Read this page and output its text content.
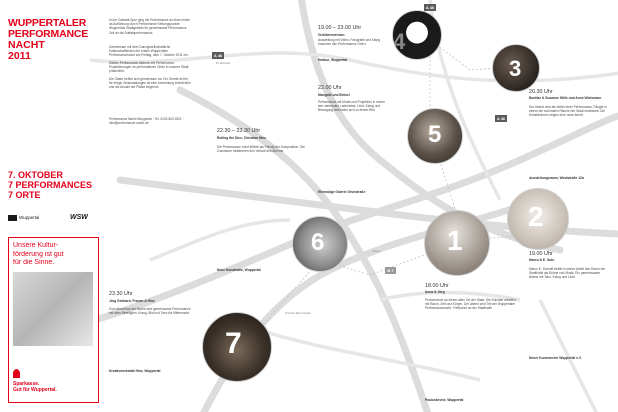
WUPPERTALER
PERFORMANCE
NACHT
2011
7. OKTOBER
7 PERFORMANCES
7 ORTE
Wuppertal	WSW
Unsere Kultur-
förderung ist gut
für die Sinne.
Sparkasse.
Gut für Wuppertal.
In der Catwalk-Spur ging die Performance an einen einen da Aufführung durch Performance Keltungspunkte Wuppertals Stadtgebiets für gemeinsame Performance. Zeit an die Auftaktperformance.
Gemeinsam mit dem Ganzgesellschaftliche Kulturschaffenden der ersten Wuppertaler Performancenacht am Freitag, dem 7. Oktober 2011 ein.
Sieben Performance Akteure mit Performance-Projektierungen an performativen Orten in unserer Stadt präsentiert.
Die Gäste treffen sich gemeinsam vor Ort. Eintritt ist frei, für einige Veranstaltungen ist eine Anmeldung erforderlich und die Anzahl der Plätze begrenzt.
Performance Nacht Wuppertal · Tel. 0202 563 2521 · info@performance-nacht.de
19.00 – 23.00 Uhr
Verklärenversion
Ausstellung mit Video, Fotografie und Klang zwischen den Performance-Orten.
Hofaue, Wuppertal
4
A 46
3
20.30 Uhr
Bonifaz & Susanne Stille und Anne Wichmann
Der Abend wird als dritter einer Performance-Trilogie in einem der schönsten Räume der Stadt entwickelt. Die Künstlerinnen zeigen eine neue Arbeit.
Ausstellungsraum, Weststraße 12a
22.00 Uhr
Mangold und Brösel
Performance mit Musik und Projektion in einem leer stehenden Ladenlokal. Licht, Klang und Bewegung verbinden sich zu einem Bild.
Ehemalige Galerie Grünstraße
5
22.30 – 23.30 Uhr
Rolling the Dice, Christian Hinz
Die Performance nutzt Würfel als Prinzip der Komposition. Die Zuschauer bestimmen den Verlauf des Abends.
Neue Kunsthalle, Wuppertal
6	1
2
19.00 Uhr
Marco & E. Suhr
Marco E. Schmitt betritt in seiner Arbeit den Raum der Stadthalle als Bühne und Musik. Ein gemeinsamer Abend mit Tanz, Klang und Licht.
Neuer Kunstverein Wuppertal e.V.
18.00 Uhr
Anna & Jörg
Performance an einem alten Ort der Stadt. Die Künstler arbeiten mit Raum, Zeit und Körper. Der Abend wird Teil der Wuppertaler Performancenacht. Treffpunkt an der Stadthalle.
Pauluskirche, Wuppertal
23.30 Uhr
Jörg Gebhard, Frauen & Hinz
Zum Abschluss der Nacht eine gemeinsame Performance mit allen Beteiligten. Klang, Bild und Tanz bis Mitternacht.
Kreativwerkstatt Hinz, Wuppertal
7
A 46
A 46
B 7
B7 Elberfeld
Friedrich-Ebert-Straße
Hofaue
